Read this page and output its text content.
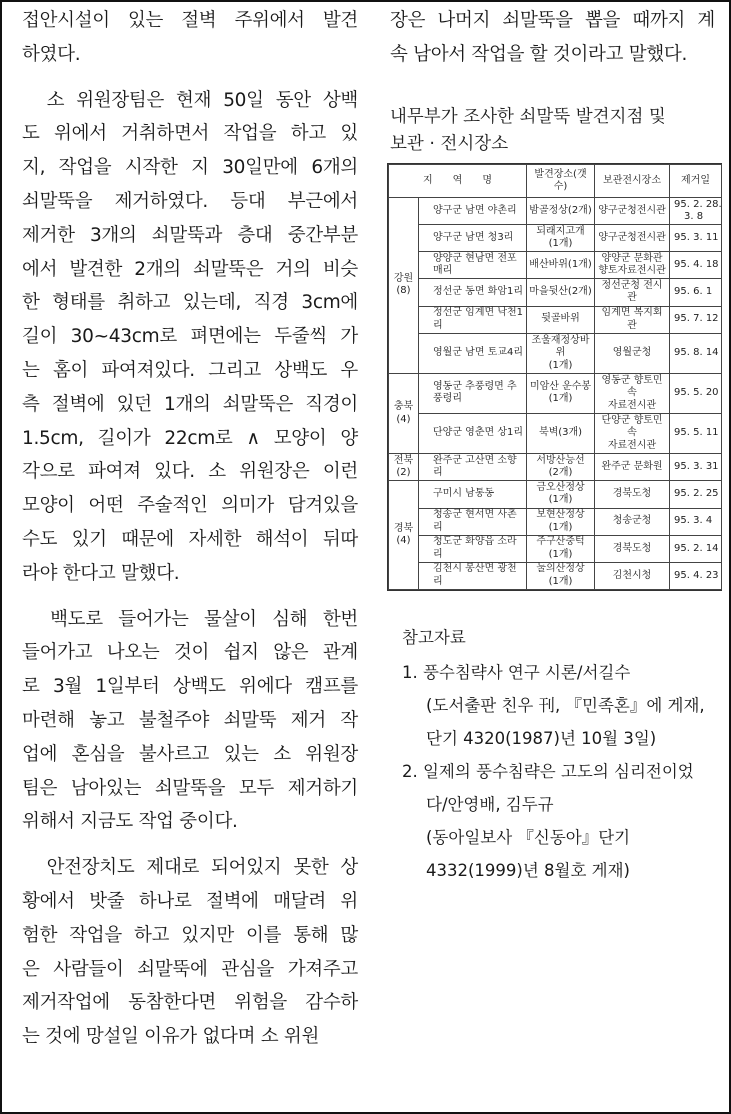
접안시설이 있는 절벽 주위에서 발견

하였다.

　소 위원장팀은 현재 50일 동안 상백

도 위에서 거취하면서 작업을 하고 있

지, 작업을 시작한 지 30일만에 6개의

쇠말뚝을 제거하였다. 등대 부근에서

제거한 3개의 쇠말뚝과 층대 중간부분

에서 발견한 2개의 쇠말뚝은 거의 비슷

한 형태를 취하고 있는데, 직경 3cm에

길이 30~43cm로 펴면에는 두줄씩 가

는 홈이 파여져있다. 그리고 상백도 우

측 절벽에 있던 1개의 쇠말뚝은 직경이

1.5cm, 길이가 22cm로 ∧ 모양이 양

각으로 파여져 있다. 소 위원장은 이런

모양이 어떤 주술적인 의미가 담겨있을

수도 있기 때문에 자세한 해석이 뒤따

라야 한다고 말했다.

　백도로 들어가는 물살이 심해 한번

들어가고 나오는 것이 쉽지 않은 관계

로 3월 1일부터 상백도 위에다 캠프를

마련해 놓고 불철주야 쇠말뚝 제거 작

업에 혼심을 불사르고 있는 소 위원장

팀은 남아있는 쇠말뚝을 모두 제거하기

위해서 지금도 작업 중이다.

　안전장치도 제대로 되어있지 못한 상

황에서 밧줄 하나로 절벽에 매달려 위

험한 작업을 하고 있지만 이를 통해 많

은 사람들이 쇠말뚝에 관심을 가져주고

제거작업에 동참한다면 위험을 감수하

는 것에 망설일 이유가 없다며 소 위원

장은 나머지 쇠말뚝을 뽑을 때까지 계

속 남아서 작업을 할 것이라고 말했다.

내무부가 조사한 쇠말뚝 발견지점 및
보관 · 전시장소
지　　역　　명		발견장소(갯수)	보관전시장소	제거일
강원
(8)	양구군 남면 야촌리	밤골정상(2개)	양구군청전시관	95. 2. 28.
　3. 8
	양구군 남면 청3리	되래지고개
(1개)	양구군청전시관	95. 3. 11
	양양군 현남면 전포매리	배산바위(1개)	양양군 문화관
향토자료전시관	95. 4. 18
	정선군 동면 화암1리	마을뒷산(2개)	정선군청 전시관	95. 6. 1
	정선군 임계면 낙천1리	뒷골바위	임계면 복지회관	95. 7. 12
	영월군 남면 토교4리	조울재정상바위
(1개)	영월군청	95. 8. 14
충북
(4)	영동군 추풍령면 추풍령리	미암산 운수봉
(1개)	영동군 향토민속
자료전시관	95. 5. 20
	단양군 영춘면 상1리	북벽(3개)	단양군 향토민속
자료전시관	95. 5. 11
전북
(2)	완주군 고산면 소향리	서방산능선
(2개)	완주군 문화원	95. 3. 31
경북
(4)	구미시 남통동	금오산정상
(1개)	경북도청	95. 2. 25
	청송군 현서면 사촌리	보현산정상
(1개)	청송군청	95. 3. 4
	청도군 화양읍 소라리	주구산중턱
(1개)	경북도청	95. 2. 14
	김천시 봉산면 광천리	눌의산정상
(1개)	김천시청	95. 4. 23

참고자료

1. 풍수침략사 연구 시론/서길수

(도서출판 친우 刊, 『민족혼』에 게재,

단기 4320(1987)년 10월 3일)

2. 일제의 풍수침략은 고도의 심리전이었

다/안영배, 김두규

(동아일보사 『신동아』단기

4332(1999)년 8월호 게재)
